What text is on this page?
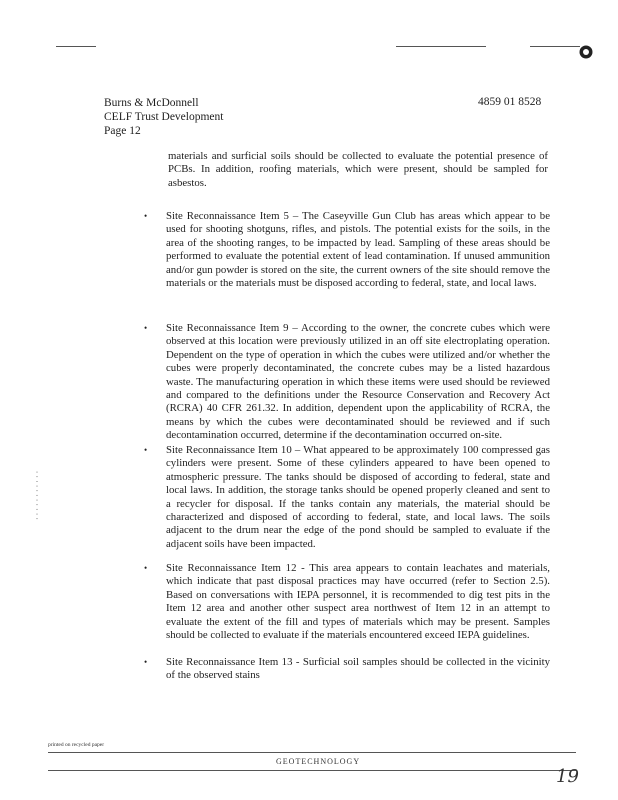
· · · · · · · · · · ·
Burns & McDonnell
CELF Trust Development
Page 12
4859 01 8528
materials and surficial soils should be collected to evaluate the potential presence of PCBs. In addition, roofing materials, which were present, should be sampled for asbestos.
• Site Reconnaissance Item 5 – The Caseyville Gun Club has areas which appear to be used for shooting shotguns, rifles, and pistols. The potential exists for the soils, in the area of the shooting ranges, to be impacted by lead. Sampling of these areas should be performed to evaluate the potential extent of lead contamination. If unused ammunition and/or gun powder is stored on the site, the current owners of the site should remove the materials or the materials must be disposed according to federal, state, and local laws.
• Site Reconnaissance Item 9 – According to the owner, the concrete cubes which were observed at this location were previously utilized in an off site electroplating operation. Dependent on the type of operation in which the cubes were utilized and/or whether the cubes were properly decontaminated, the concrete cubes may be a listed hazardous waste. The manufacturing operation in which these items were used should be reviewed and compared to the definitions under the Resource Conservation and Recovery Act (RCRA) 40 CFR 261.32. In addition, dependent upon the applicability of RCRA, the means by which the cubes were decontaminated should be reviewed and if such decontamination occurred, determine if the decontamination occurred on-site.
• Site Reconnaissance Item 10 – What appeared to be approximately 100 compressed gas cylinders were present. Some of these cylinders appeared to have been opened to atmospheric pressure. The tanks should be disposed of according to federal, state and local laws. In addition, the storage tanks should be opened properly cleaned and sent to a recycler for disposal. If the tanks contain any materials, the material should be characterized and disposed of according to federal, state, and local laws. The soils adjacent to the drum near the edge of the pond should be sampled to evaluate if the adjacent soils have been impacted.
• Site Reconnaissance Item 12 - This area appears to contain leachates and materials, which indicate that past disposal practices may have occurred (refer to Section 2.5). Based on conversations with IEPA personnel, it is recommended to dig test pits in the Item 12 area and another other suspect area northwest of Item 12 in an attempt to evaluate the extent of the fill and types of materials which may be present. Samples should be collected to evaluate if the materials encountered exceed IEPA guidelines.
• Site Reconnaissance Item 13 - Surficial soil samples should be collected in the vicinity of the observed stains
printed on recycled paper
GEOTECHNOLOGY
19
